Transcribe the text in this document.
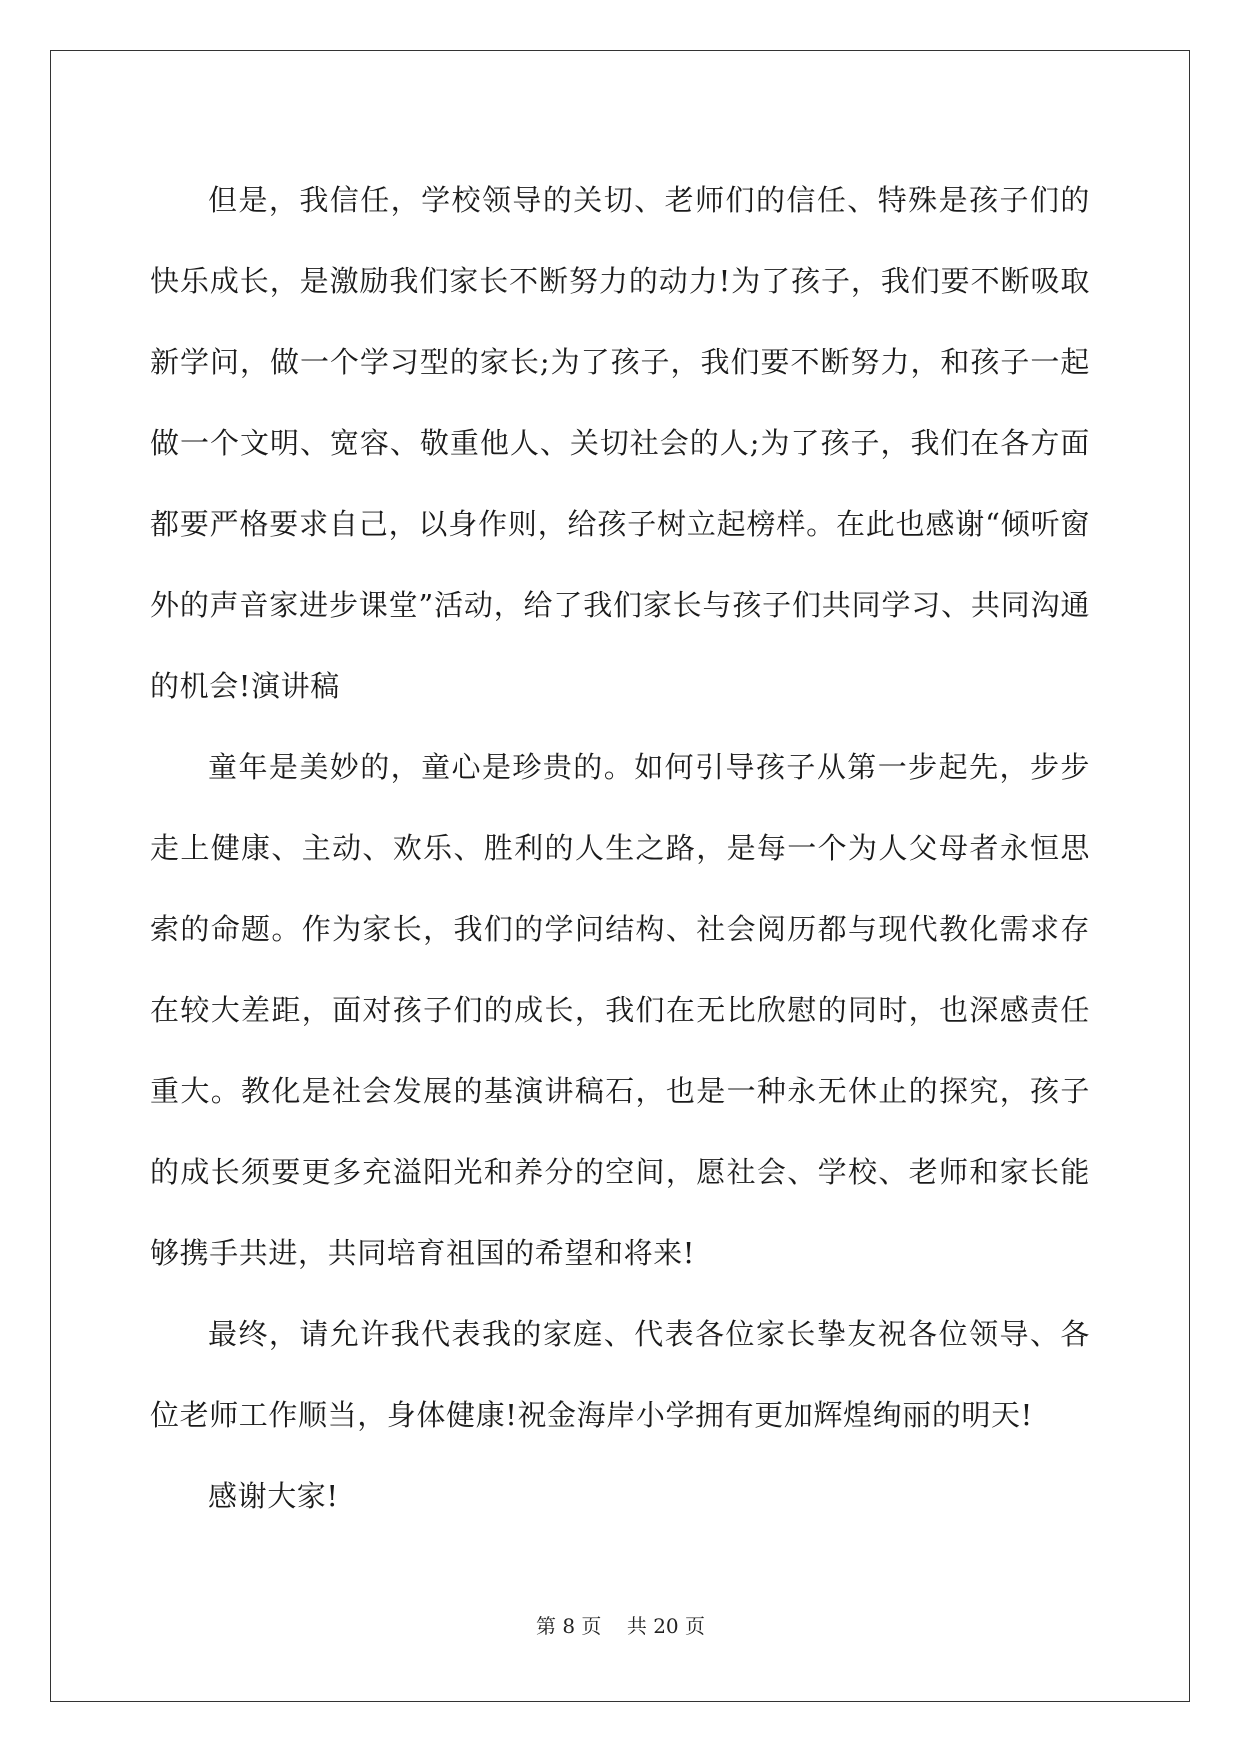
但是，我信任，学校领导的关切、老师们的信任、特殊是孩子们的快乐成长，是激励我们家长不断努力的动力!为了孩子，我们要不断吸取新学问，做一个学习型的家长;为了孩子，我们要不断努力，和孩子一起做一个文明、宽容、敬重他人、关切社会的人;为了孩子，我们在各方面都要严格要求自己，以身作则，给孩子树立起榜样。在此也感谢“倾听窗外的声音家进步课堂”活动，给了我们家长与孩子们共同学习、共同沟通的机会!演讲稿

童年是美妙的，童心是珍贵的。如何引导孩子从第一步起先，步步走上健康、主动、欢乐、胜利的人生之路，是每一个为人父母者永恒思索的命题。作为家长，我们的学问结构、社会阅历都与现代教化需求存在较大差距，面对孩子们的成长，我们在无比欣慰的同时，也深感责任重大。教化是社会发展的基演讲稿石，也是一种永无休止的探究，孩子的成长须要更多充溢阳光和养分的空间，愿社会、学校、老师和家长能够携手共进，共同培育祖国的希望和将来!

最终，请允许我代表我的家庭、代表各位家长挚友祝各位领导、各位老师工作顺当，身体健康!祝金海岸小学拥有更加辉煌绚丽的明天!

感谢大家!

第 8 页    共 20 页
